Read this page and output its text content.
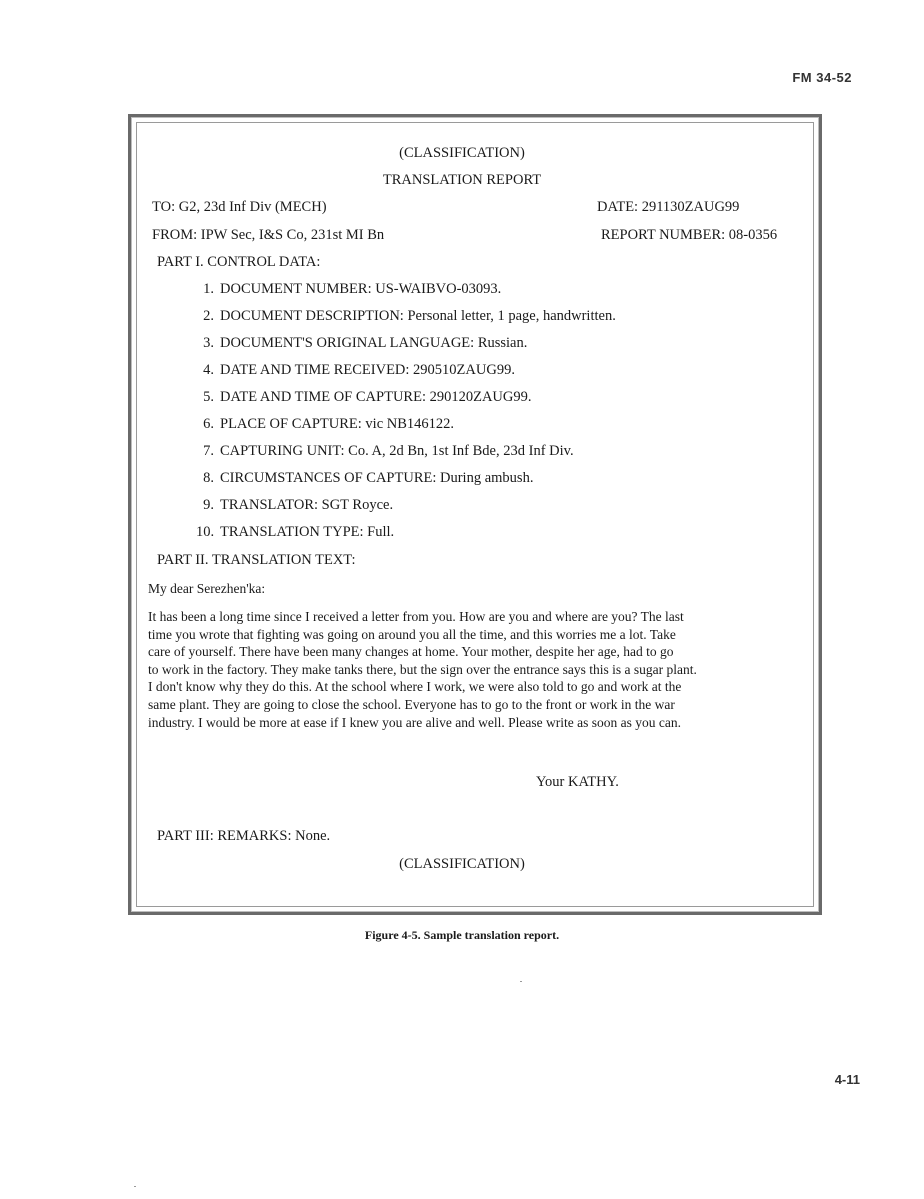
FM 34-52
(CLASSIFICATION)
TRANSLATION REPORT
TO: G2, 23d Inf Div (MECH)	DATE: 291130ZAUG99
FROM: IPW Sec, I&S Co, 231st MI Bn	REPORT NUMBER: 08-0356
PART I. CONTROL DATA:
1. DOCUMENT NUMBER: US-WAIBVO-03093.
2. DOCUMENT DESCRIPTION: Personal letter, 1 page, handwritten.
3. DOCUMENT'S ORIGINAL LANGUAGE: Russian.
4. DATE AND TIME RECEIVED: 290510ZAUG99.
5. DATE AND TIME OF CAPTURE: 290120ZAUG99.
6. PLACE OF CAPTURE: vic NB146122.
7. CAPTURING UNIT: Co. A, 2d Bn, 1st Inf Bde, 23d Inf Div.
8. CIRCUMSTANCES OF CAPTURE: During ambush.
9. TRANSLATOR: SGT Royce.
10. TRANSLATION TYPE: Full.
PART II. TRANSLATION TEXT:
My dear Serezhen'ka:
It has been a long time since I received a letter from you. How are you and where are you? The last
time you wrote that fighting was going on around you all the time, and this worries me a lot. Take
care of yourself. There have been many changes at home. Your mother, despite her age, had to go
to work in the factory. They make tanks there, but the sign over the entrance says this is a sugar plant.
I don't know why they do this. At the school where I work, we were also told to go and work at the
same plant. They are going to close the school. Everyone has to go to the front or work in the war
industry. I would be more at ease if I knew you are alive and well. Please write as soon as you can.
Your KATHY.
PART III: REMARKS: None.
(CLASSIFICATION)
Figure 4-5. Sample translation report.
4-11
